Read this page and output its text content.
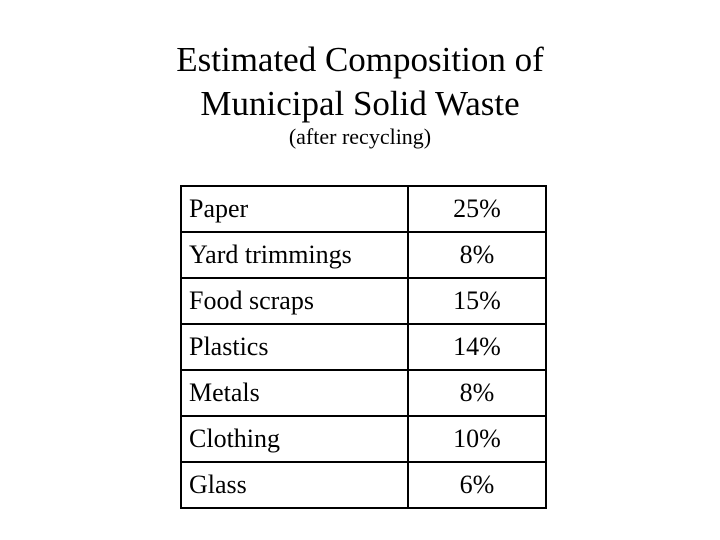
Estimated Composition of
Municipal Solid Waste
(after recycling)
Paper	25%
Yard trimmings	8%
Food scraps	15%
Plastics	14%
Metals	8%
Clothing	10%
Glass	6%
